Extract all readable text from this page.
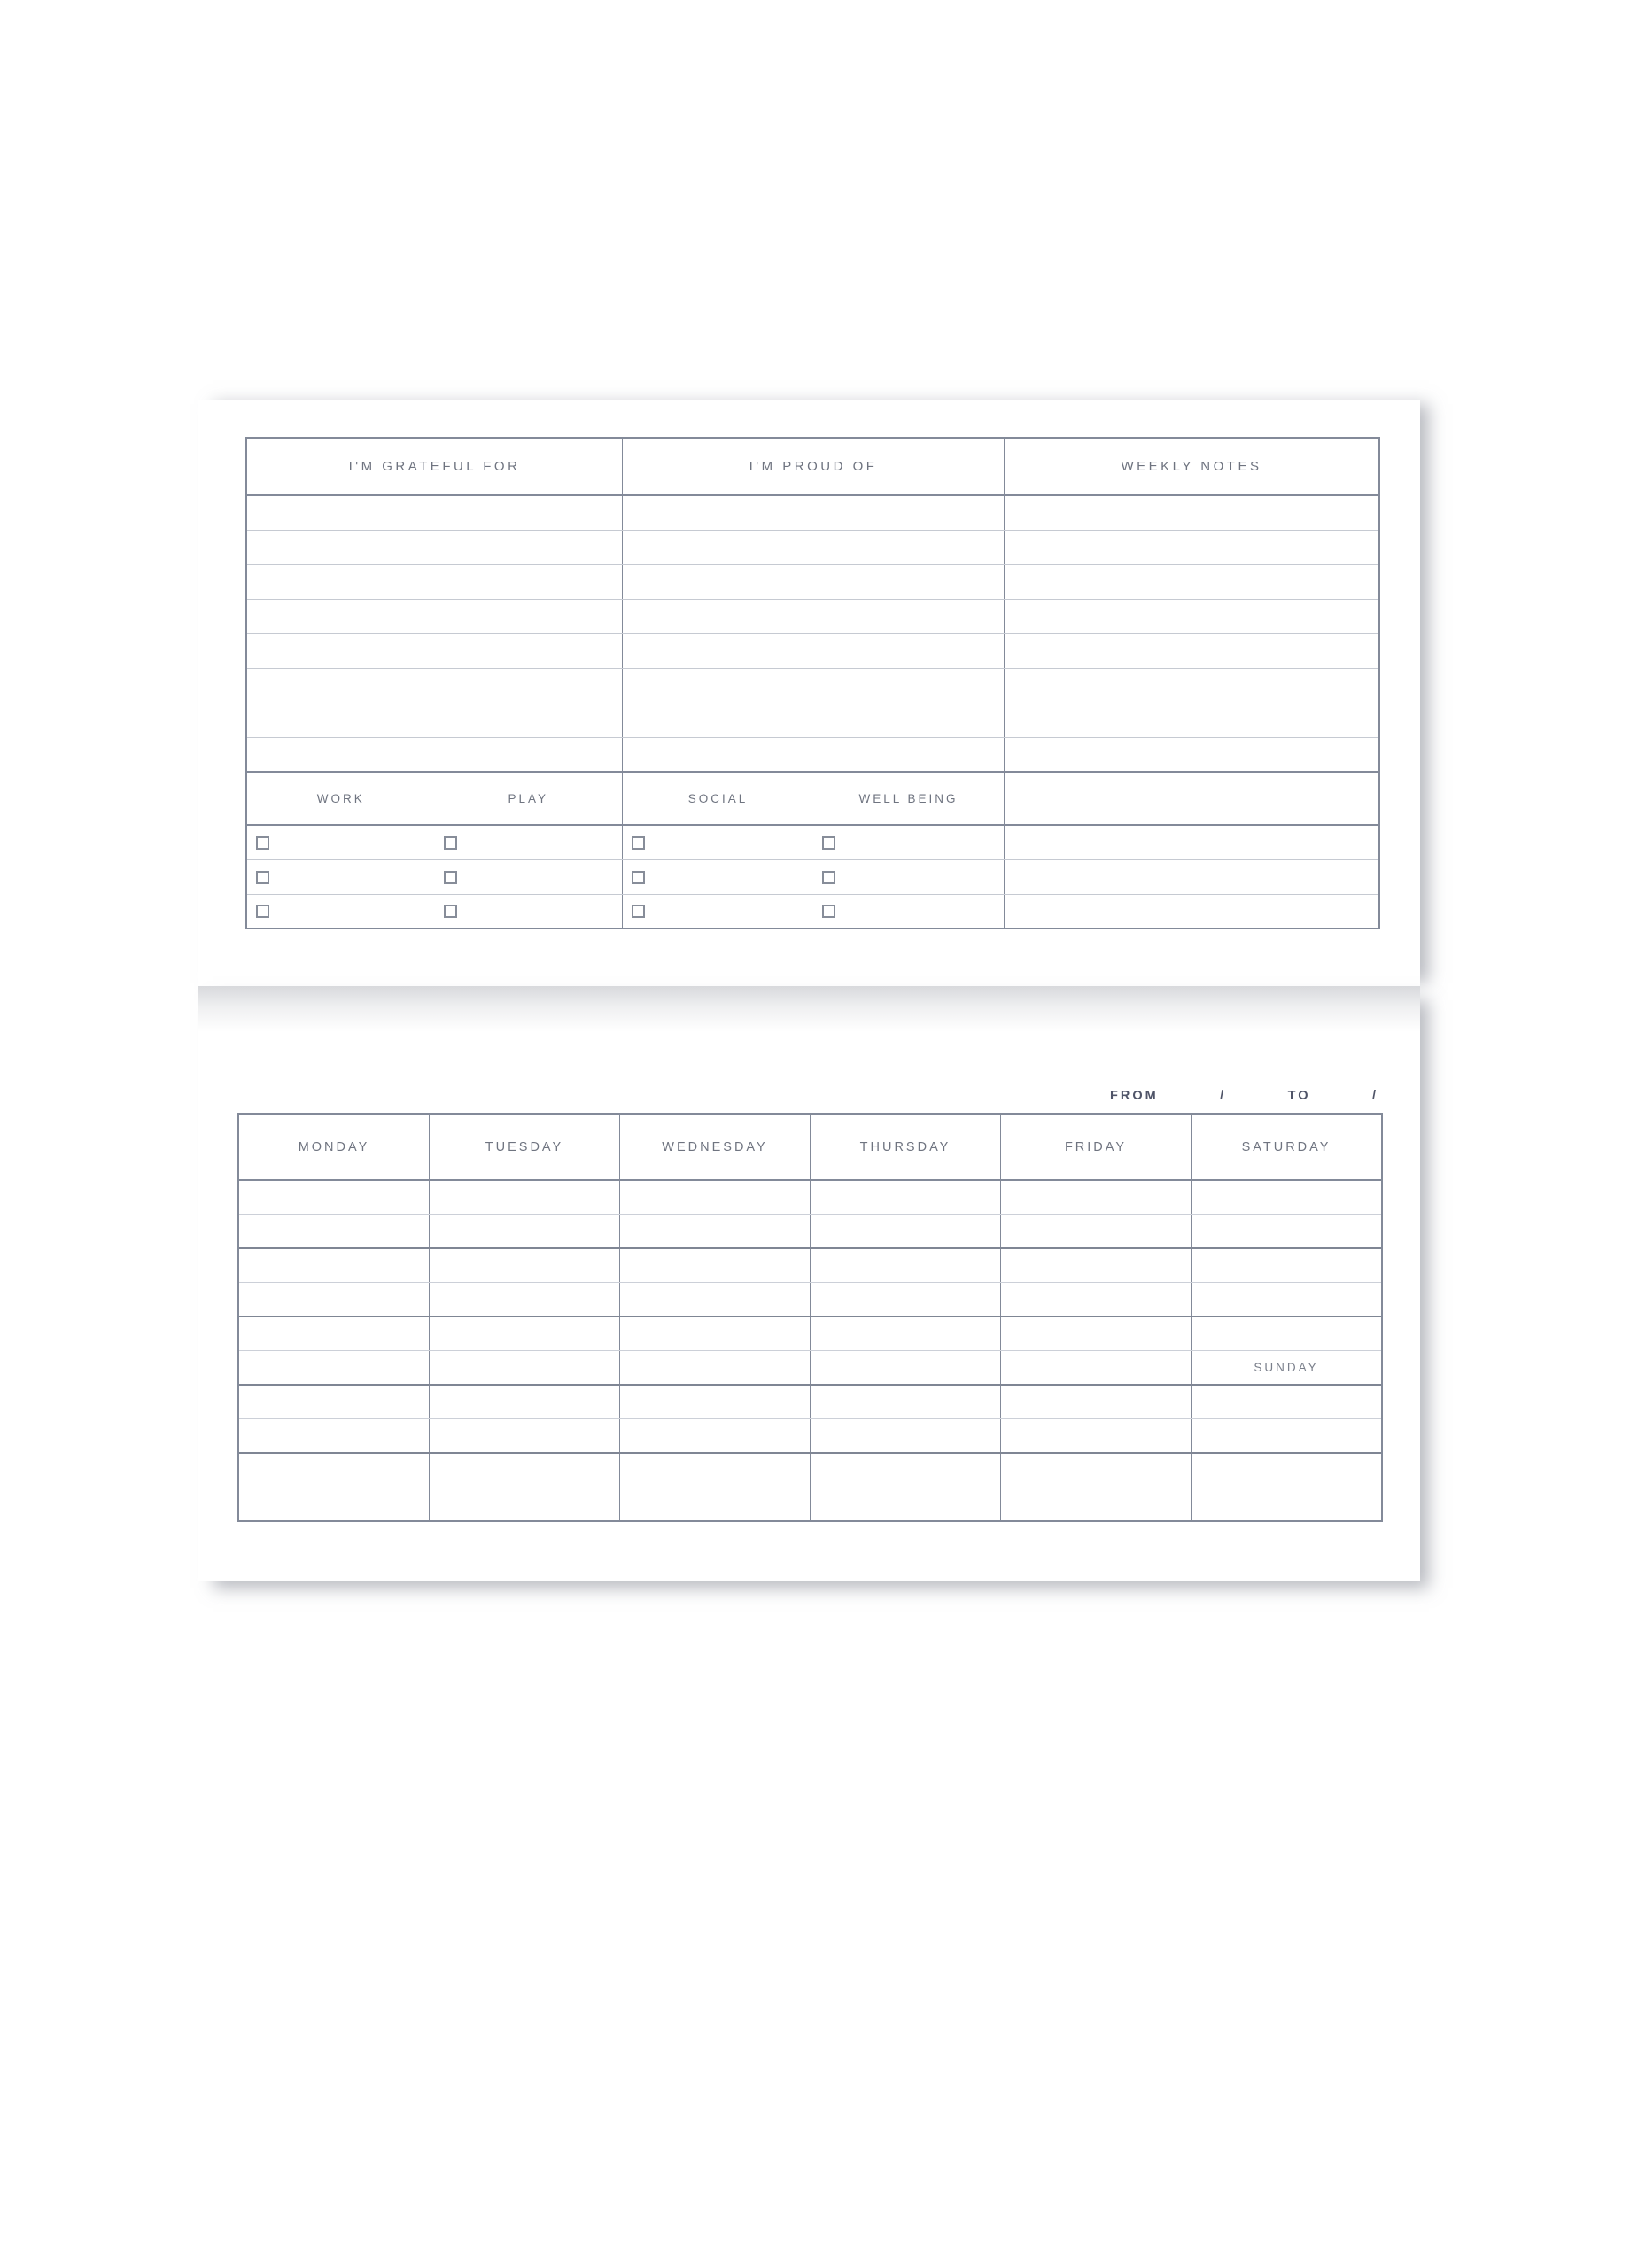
I'M GRATEFUL FOR	I'M PROUD OF	WEEKLY NOTES
WORK	PLAY	SOCIAL	WELL BEING
FROM	/	TO	/
MONDAY	TUESDAY	WEDNESDAY	THURSDAY	FRIDAY	SATURDAY
SUNDAY
